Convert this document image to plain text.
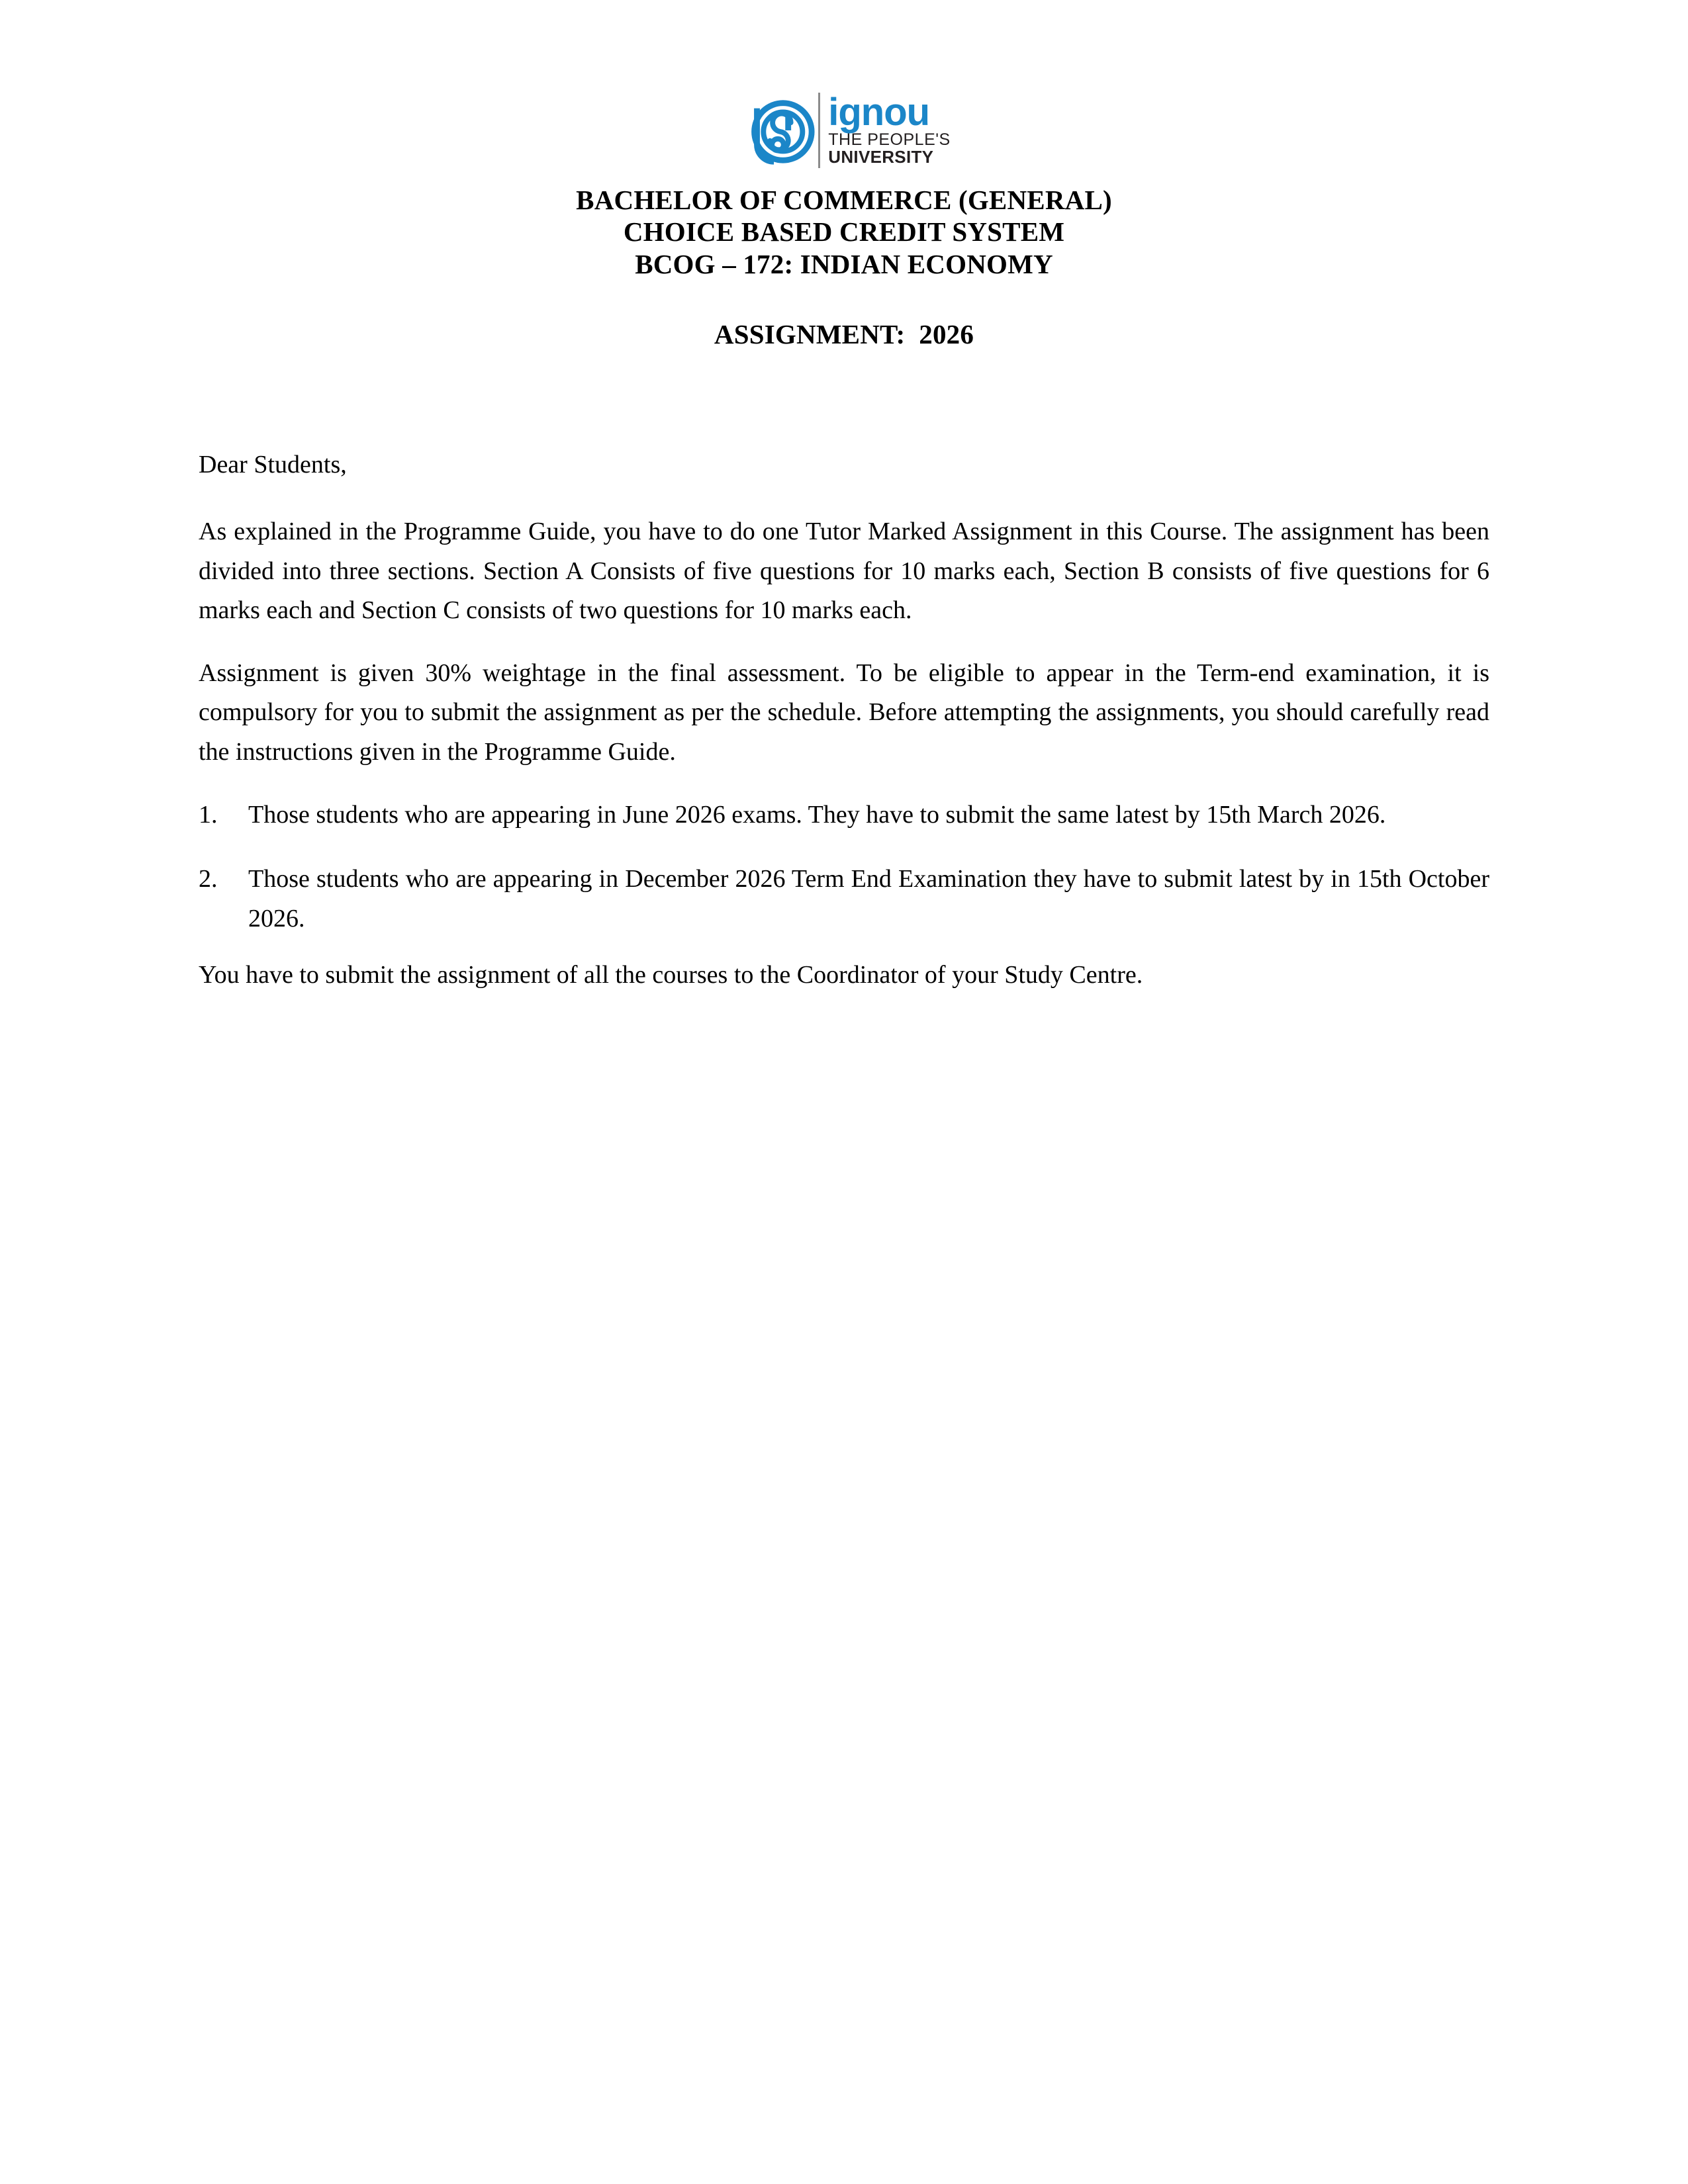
ignou
THE PEOPLE'S
UNIVERSITY
BACHELOR OF COMMERCE (GENERAL)
CHOICE BASED CREDIT SYSTEM
BCOG – 172: INDIAN ECONOMY
ASSIGNMENT:  2026

Dear Students,

As explained in the Programme Guide, you have to do one Tutor Marked Assignment in this Course. The assignment has been divided into three sections. Section A Consists of five questions for 10 marks each, Section B consists of five questions for 6 marks each and Section C consists of two questions for 10 marks each.

Assignment is given 30% weightage in the final assessment. To be eligible to appear in the Term-end examination, it is compulsory for you to submit the assignment as per the schedule. Before attempting the assignments, you should carefully read the instructions given in the Programme Guide.

1. Those students who are appearing in June 2026 exams. They have to submit the same latest by 15th March 2026.
2. Those students who are appearing in December 2026 Term End Examination they have to submit latest by in 15th October 2026.

You have to submit the assignment of all the courses to the Coordinator of your Study Centre.
